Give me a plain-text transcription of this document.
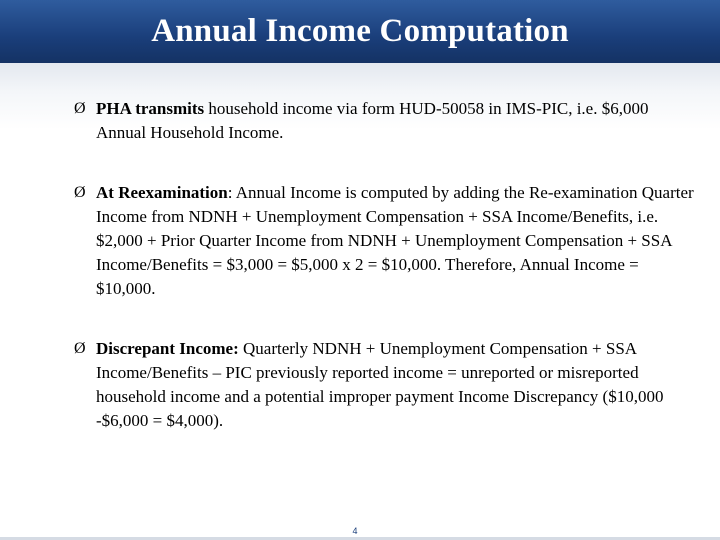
Annual Income Computation
Ø PHA transmits household income via form HUD-50058 in IMS-PIC, i.e. $6,000 Annual Household Income.
Ø At Reexamination: Annual Income is computed by adding the Re-examination Quarter Income from NDNH + Unemployment Compensation + SSA Income/Benefits, i.e. $2,000 + Prior Quarter Income from NDNH + Unemployment Compensation + SSA Income/Benefits = $3,000 = $5,000 x 2 = $10,000. Therefore, Annual Income = $10,000.
Ø Discrepant Income: Quarterly NDNH + Unemployment Compensation + SSA Income/Benefits – PIC previously reported income = unreported or misreported household income and a potential improper payment Income Discrepancy ($10,000 -$6,000 = $4,000).
4
